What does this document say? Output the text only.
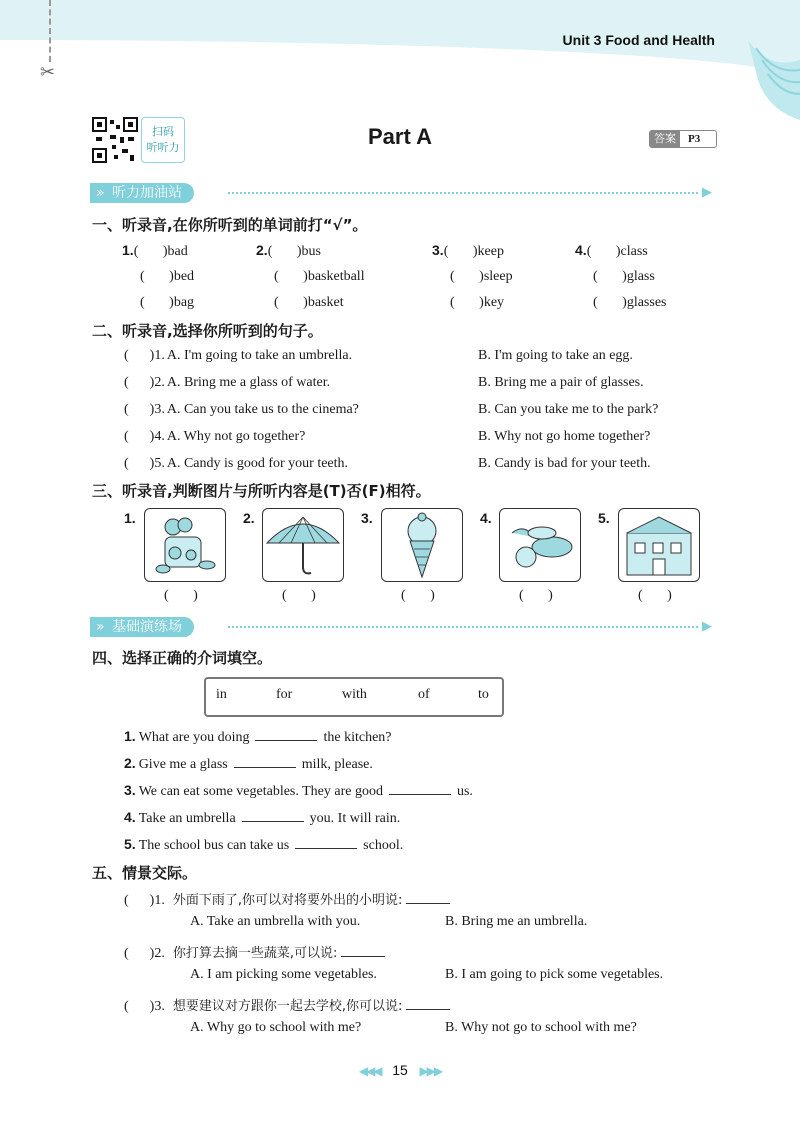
✂
Unit 3 Food and Health
扫码
听听力	Part A	答案	P3
» 听力加油站	▶
一、听录音,在你所听到的单词前打“√”。
1.(       )bad
(       )bed
(       )bag
2.(       )bus
(       )basketball
(       )basket
3.(       )keep
(       )sleep
(       )key
4.(       )class
(       )glass
(       )glasses
二、听录音,选择你所听到的句子。
(      )1. A. I'm going to take an umbrella.	B. I'm going to take an egg.
(      )2. A. Bring me a glass of water.	B. Bring me a pair of glasses.
(      )3. A. Can you take us to the cinema?	B. Can you take me to the park?
(      )4. A. Why not go together?	B. Why not go home together?
(      )5. A. Candy is good for your teeth.	B. Candy is bad for your teeth.
三、听录音,判断图片与所听内容是(T)否(F)相符。
1.
(       )
2.
(       )
3.
(       )
4.
(       )
5.
(       )
» 基础演练场	▶
四、选择正确的介词填空。
in	for	with	of	to
1. What are you doing	the kitchen?
2. Give me a glass	milk, please.
3. We can eat some vegetables. They are good	us.
4. Take an umbrella	you. It will rain.
5. The school bus can take us	school.
五、情景交际。
(      )1. 外面下雨了,你可以对将要外出的小明说:
A. Take an umbrella with you.	B. Bring me an umbrella.
(      )2. 你打算去摘一些蔬菜,可以说:
A. I am picking some vegetables.	B. I am going to pick some vegetables.
(      )3. 想要建议对方跟你一起去学校,你可以说:
A. Why go to school with me?	B. Why not go to school with me?
◀◀◀ 15 ▶▶▶
